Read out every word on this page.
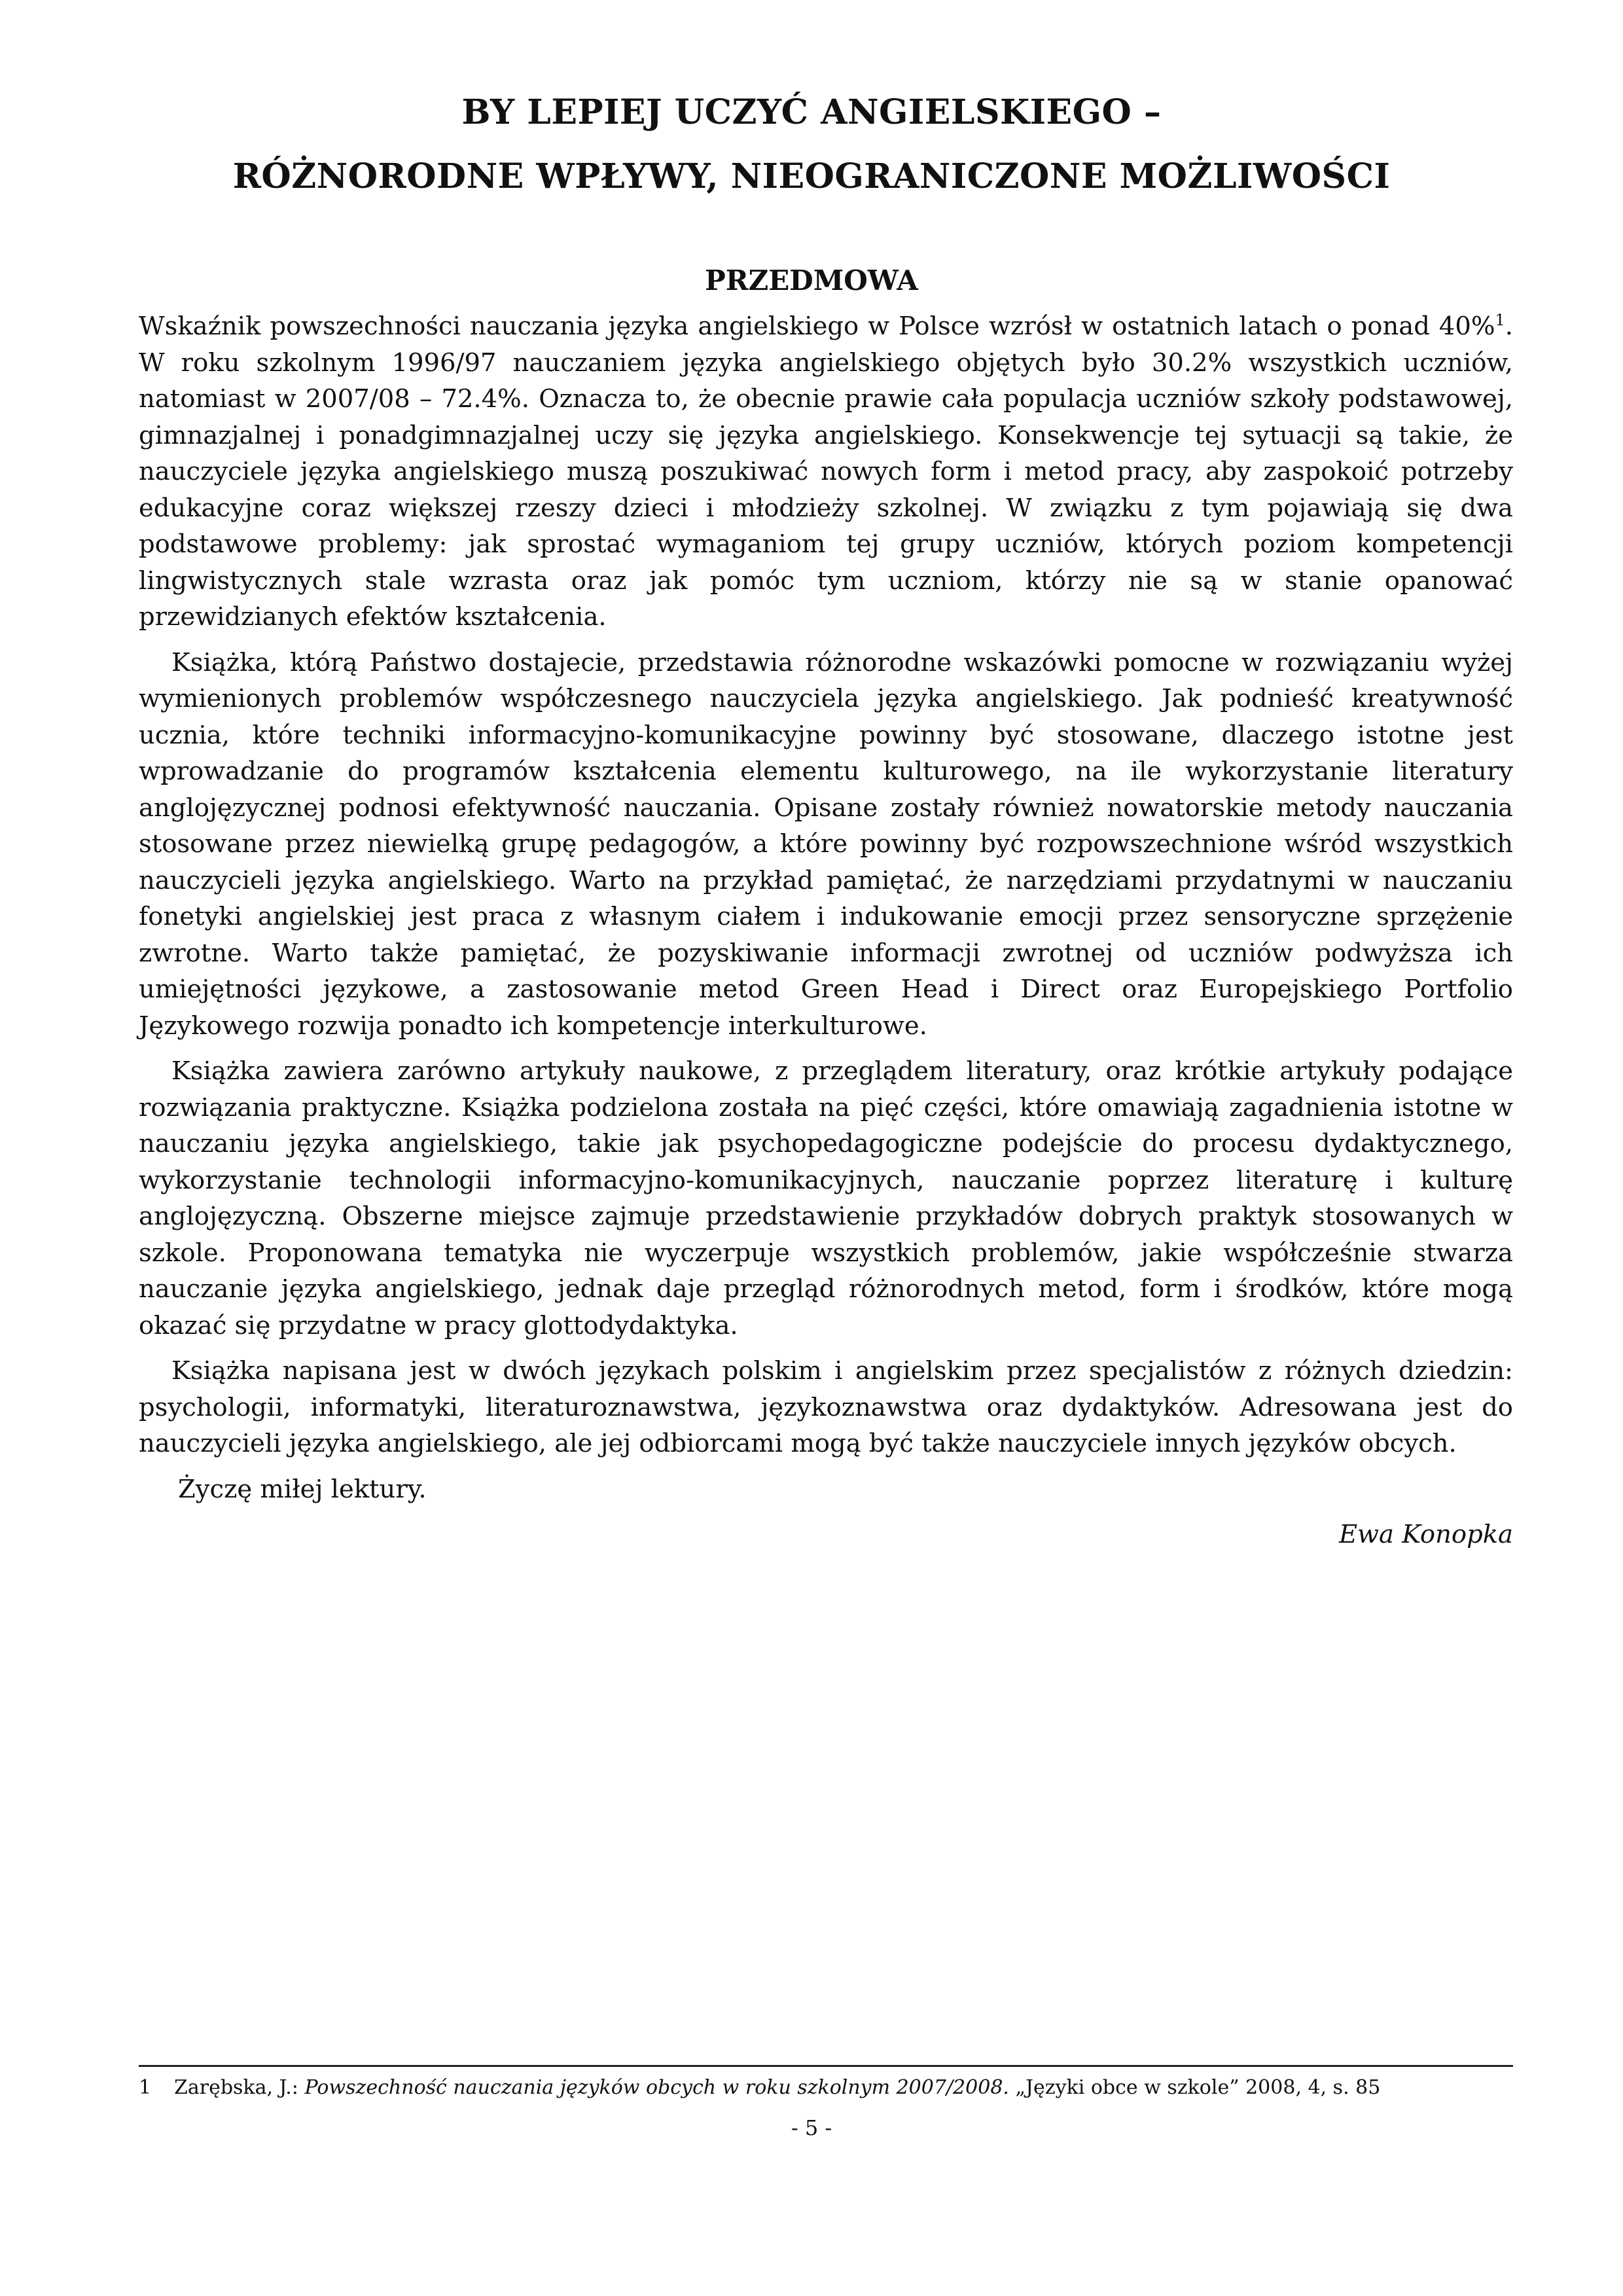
BY LEPIEJ UCZYĆ ANGIELSKIEGO –
RÓŻNORODNE WPŁYWY, NIEOGRANICZONE MOŻLIWOŚCI
PRZEDMOWA

Wskaźnik powszechności nauczania języka angielskiego w Polsce wzrósł w ostatnich latach o ponad 40%$^1$. W roku szkolnym 1996/97 nauczaniem języka angielskiego objętych było 30.2% wszystkich uczniów, natomiast w 2007/08 – 72.4%. Oznacza to, że obecnie prawie cała populacja uczniów szkoły podstawowej, gimnazjalnej i ponadgimnazjalnej uczy się języka angielskiego. Konsekwencje tej sytuacji są takie, że nauczyciele języka angielskiego muszą poszukiwać nowych form i metod pracy, aby zaspokoić potrzeby edukacyjne coraz większej rzeszy dzieci i młodzieży szkolnej. W związku z tym pojawiają się dwa podstawowe problemy: jak sprostać wymaganiom tej grupy uczniów, których poziom kompetencji lingwistycznych stale wzrasta oraz jak pomóc tym uczniom, którzy nie są w stanie opanować przewidzianych efektów kształcenia.

Książka, którą Państwo dostajecie, przedstawia różnorodne wskazówki pomocne w rozwiązaniu wyżej wymienionych problemów współczesnego nauczyciela języka angielskiego. Jak podnieść kreatywność ucznia, które techniki informacyjno-komunikacyjne powinny być stosowane, dlaczego istotne jest wprowadzanie do programów kształcenia elementu kulturowego, na ile wykorzystanie literatury anglojęzycznej podnosi efektywność nauczania. Opisane zostały również nowatorskie metody nauczania stosowane przez niewielką grupę pedagogów, a które powinny być rozpowszechnione wśród wszystkich nauczycieli języka angielskiego. Warto na przykład pamiętać, że narzędziami przydatnymi w nauczaniu fonetyki angielskiej jest praca z własnym ciałem i indukowanie emocji przez sensoryczne sprzężenie zwrotne. Warto także pamiętać, że pozyskiwanie informacji zwrotnej od uczniów podwyższa ich umiejętności językowe, a zastosowanie metod Green Head i Direct oraz Europejskiego Portfolio Językowego rozwija ponadto ich kompetencje interkulturowe.

Książka zawiera zarówno artykuły naukowe, z przeglądem literatury, oraz krótkie artykuły podające rozwiązania praktyczne. Książka podzielona została na pięć części, które omawiają zagadnienia istotne w nauczaniu języka angielskiego, takie jak psychopedagogiczne podejście do procesu dydaktycznego, wykorzystanie technologii informacyjno-komunikacyjnych, nauczanie poprzez literaturę i kulturę anglojęzyczną. Obszerne miejsce zajmuje przedstawienie przykładów dobrych praktyk stosowanych w szkole. Proponowana tematyka nie wyczerpuje wszystkich problemów, jakie współcześnie stwarza nauczanie języka angielskiego, jednak daje przegląd różnorodnych metod, form i środków, które mogą okazać się przydatne w pracy glottodydaktyka.

Książka napisana jest w dwóch językach polskim i angielskim przez specjalistów z różnych dziedzin: psychologii, informatyki, literaturoznawstwa, językoznawstwa oraz dydaktyków. Adresowana jest do nauczycieli języka angielskiego, ale jej odbiorcami mogą być także nauczyciele innych języków obcych.

Życzę miłej lektury.

Ewa Konopka

1 Zarębska, J.: Powszechność nauczania języków obcych w roku szkolnym 2007/2008. „Języki obce w szkole” 2008, 4, s. 85
- 5 -
